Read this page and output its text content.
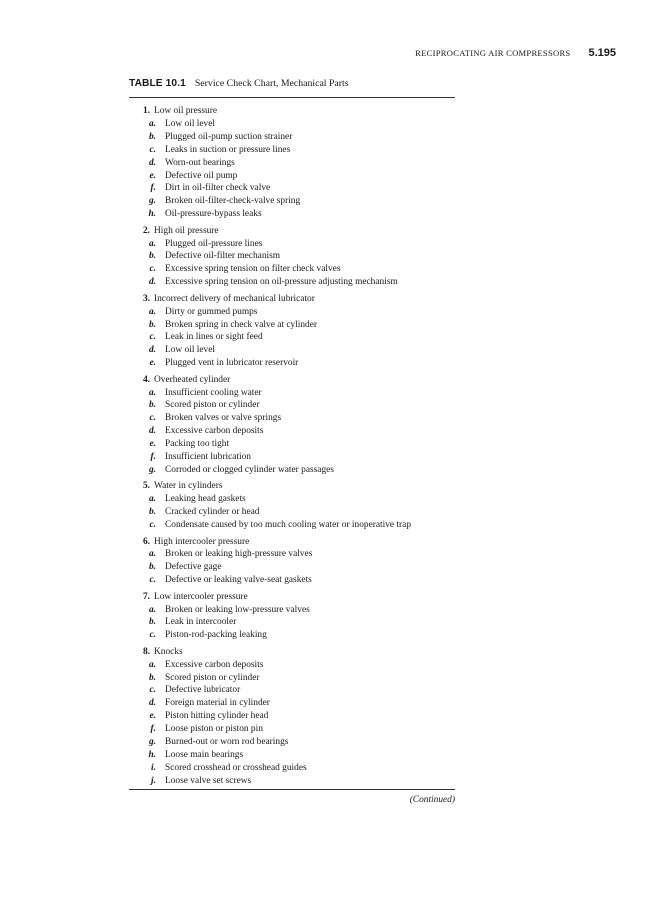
RECIPROCATING AIR COMPRESSORS 5.195
TABLE 10.1 Service Check Chart, Mechanical Parts
1. Low oil pressure
a. Low oil level
b. Plugged oil-pump suction strainer
c. Leaks in suction or pressure lines
d. Worn-out bearings
e. Defective oil pump
f. Dirt in oil-filter check valve
g. Broken oil-filter-check-valve spring
h. Oil-pressure-bypass leaks
2. High oil pressure
a. Plugged oil-pressure lines
b. Defective oil-filter mechanism
c. Excessive spring tension on filter check valves
d. Excessive spring tension on oil-pressure adjusting mechanism
3. Incorrect delivery of mechanical lubricator
a. Dirty or gummed pumps
b. Broken spring in check valve at cylinder
c. Leak in lines or sight feed
d. Low oil level
e. Plugged vent in lubricator reservoir
4. Overheated cylinder
a. Insufficient cooling water
b. Scored piston or cylinder
c. Broken valves or valve springs
d. Excessive carbon deposits
e. Packing too tight
f. Insufficient lubrication
g. Corroded or clogged cylinder water passages
5. Water in cylinders
a. Leaking head gaskets
b. Cracked cylinder or head
c. Condensate caused by too much cooling water or inoperative trap
6. High intercooler pressure
a. Broken or leaking high-pressure valves
b. Defective gage
c. Defective or leaking valve-seat gaskets
7. Low intercooler pressure
a. Broken or leaking low-pressure valves
b. Leak in intercooler
c. Piston-rod-packing leaking
8. Knocks
a. Excessive carbon deposits
b. Scored piston or cylinder
c. Defective lubricator
d. Foreign material in cylinder
e. Piston hitting cylinder head
f. Loose piston or piston pin
g. Burned-out or worn rod bearings
h. Loose main bearings
i. Scored crosshead or crosshead guides
j. Loose valve set screws
(Continued)
